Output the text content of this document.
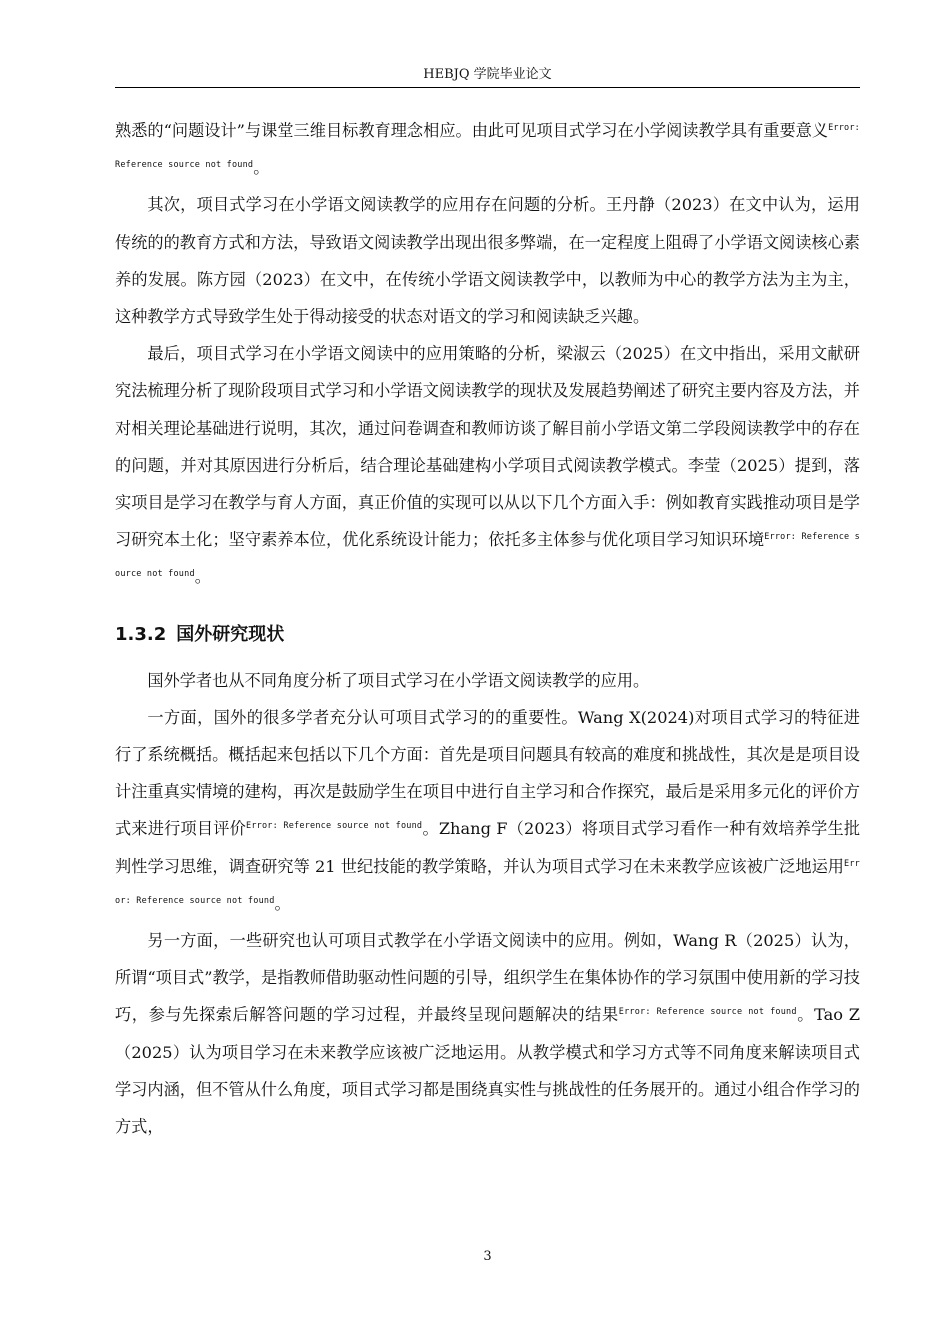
HEBJQ 学院毕业论文

熟悉的“问题设计”与课堂三维目标教育理念相应。由此可见项目式学习在小学阅读教学具有重要意义$^{Error: Reference source not found}$。

其次，项目式学习在小学语文阅读教学的应用存在问题的分析。王丹静（2023）在文中认为，运用传统的的教育方式和方法，导致语文阅读教学出现出很多弊端，在一定程度上阻碍了小学语文阅读核心素养的发展。陈方园（2023）在文中，在传统小学语文阅读教学中，以教师为中心的教学方法为主为主，这种教学方式导致学生处于得动接受的状态对语文的学习和阅读缺乏兴趣。

最后，项目式学习在小学语文阅读中的应用策略的分析，梁淑云（2025）在文中指出，采用文献研究法梳理分析了现阶段项目式学习和小学语文阅读教学的现状及发展趋势阐述了研究主要内容及方法，并对相关理论基础进行说明，其次，通过问卷调查和教师访谈了解目前小学语文第二学段阅读教学中的存在的问题，并对其原因进行分析后，结合理论基础建构小学项目式阅读教学模式。李莹（2025）提到，落实项目是学习在教学与育人方面，真正价值的实现可以从以下几个方面入手：例如教育实践推动项目是学习研究本土化；坚守素养本位，优化系统设计能力；依托多主体参与优化项目学习知识环境$^{Error: Reference source not found}$。

1.3.2 国外研究现状

国外学者也从不同角度分析了项目式学习在小学语文阅读教学的应用。

一方面，国外的很多学者充分认可项目式学习的的重要性。Wang X(2024)对项目式学习的特征进行了系统概括。概括起来包括以下几个方面：首先是项目问题具有较高的难度和挑战性，其次是是项目设计注重真实情境的建构，再次是鼓励学生在项目中进行自主学习和合作探究，最后是采用多元化的评价方式来进行项目评价$^{Error: Reference source not found}$。Zhang F（2023）将项目式学习看作一种有效培养学生批判性学习思维，调查研究等 21 世纪技能的教学策略，并认为项目式学习在未来教学应该被广泛地运用$^{Error: Reference source not found}$。

另一方面，一些研究也认可项目式教学在小学语文阅读中的应用。例如，Wang R（2025）认为，所谓“项目式”教学，是指教师借助驱动性问题的引导，组织学生在集体协作的学习氛围中使用新的学习技巧，参与先探索后解答问题的学习过程，并最终呈现问题解决的结果$^{Error: Reference source not found}$。Tao Z（2025）认为项目学习在未来教学应该被广泛地运用。从教学模式和学习方式等不同角度来解读项目式学习内涵，但不管从什么角度，项目式学习都是围绕真实性与挑战性的任务展开的。通过小组合作学习的方式，

3
